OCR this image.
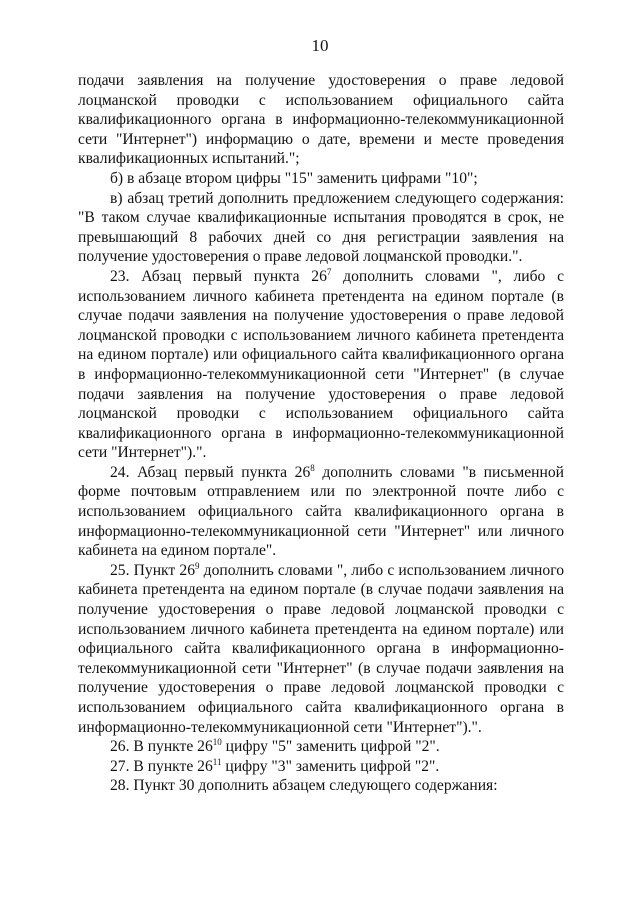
10

подачи заявления на получение удостоверения о праве ледовой лоцманской проводки с использованием официального сайта квалификационного органа в информационно-телекоммуникационной сети "Интернет") информацию о дате, времени и месте проведения квалификационных испытаний.";

б) в абзаце втором цифры "15" заменить цифрами "10";

в) абзац третий дополнить предложением следующего содержания: "В таком случае квалификационные испытания проводятся в срок, не превышающий 8 рабочих дней со дня регистрации заявления на получение удостоверения о праве ледовой лоцманской проводки.".

23. Абзац первый пункта $26^7$ дополнить словами ", либо с использованием личного кабинета претендента на едином портале (в случае подачи заявления на получение удостоверения о праве ледовой лоцманской проводки с использованием личного кабинета претендента на едином портале) или официального сайта квалификационного органа в информационно-телекоммуникационной сети "Интернет" (в случае подачи заявления на получение удостоверения о праве ледовой лоцманской проводки с использованием официального сайта квалификационного органа в информационно-телекоммуникационной сети "Интернет").".

24. Абзац первый пункта $26^8$ дополнить словами "в письменной форме почтовым отправлением или по электронной почте либо с использованием официального сайта квалификационного органа в информационно-телекоммуникационной сети "Интернет" или личного кабинета на едином портале".

25. Пункт $26^9$ дополнить словами ", либо с использованием личного кабинета претендента на едином портале (в случае подачи заявления на получение удостоверения о праве ледовой лоцманской проводки с использованием личного кабинета претендента на едином портале) или официального сайта квалификационного органа в информационно-телекоммуникационной сети "Интернет" (в случае подачи заявления на получение удостоверения о праве ледовой лоцманской проводки с использованием официального сайта квалификационного органа в информационно-телекоммуникационной сети "Интернет").".

26. В пункте $26^{10}$ цифру "5" заменить цифрой "2".

27. В пункте $26^{11}$ цифру "3" заменить цифрой "2".

28. Пункт 30 дополнить абзацем следующего содержания:
